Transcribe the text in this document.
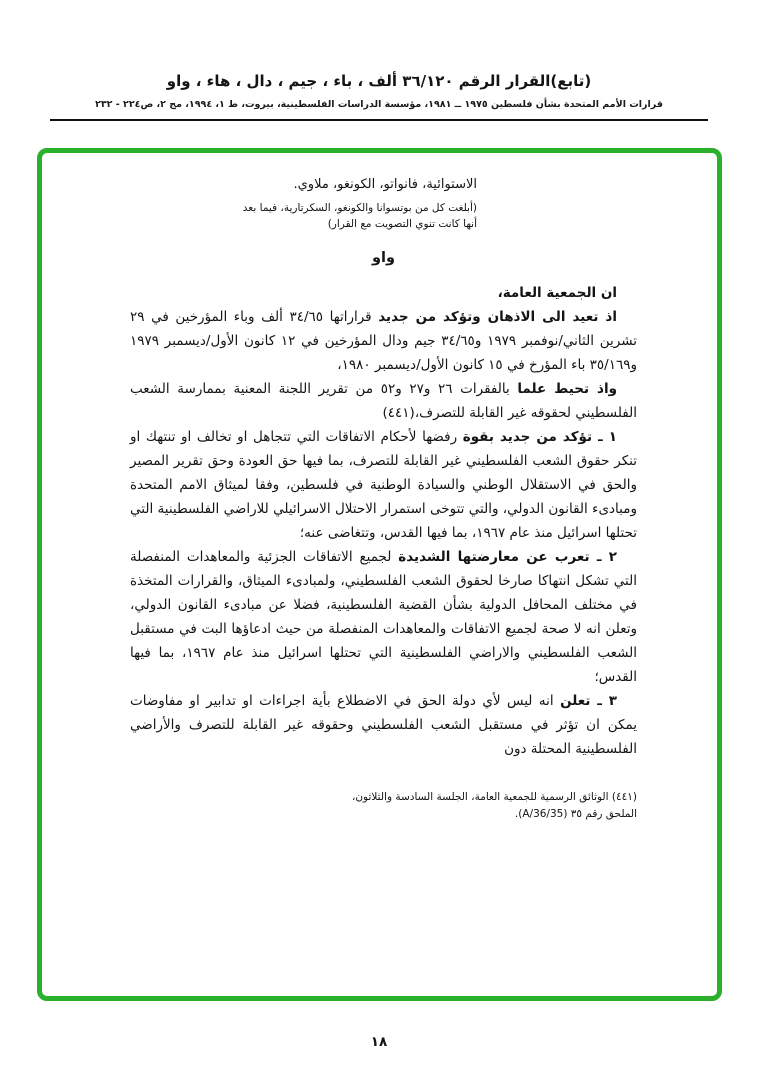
(تابع)القرار الرقم ٣٦/١٢٠ ألف ، باء ، جيم ، دال ، هاء ، واو
قرارات الأمم المتحدة بشأن فلسطين ١٩٧٥ ــ ١٩٨١، مؤسسة الدراسات الفلسطينية، بيروت، ط ١، ١٩٩٤، مج ٢، ص٢٢٤ - ٢٣٢
الاستوائية، فانواتو، الكونغو، ملاوي.
(أبلغت كل من بوتسوانا والكونغو، السكرتارية، فيما بعد
أنها كانت تنوي التصويت مع القرار)
واو

ان الجمعية العامة،

اذ تعيد الى الاذهان وتؤكد من جديد قراراتها ٣٤/٦٥ ألف وباء المؤرخين في ٢٩ تشرين الثاني/نوفمبر ١٩٧٩ و٣٤/٦٥ جيم ودال المؤرخين في ١٢ كانون الأول/ديسمبر ١٩٧٩ و٣٥/١٦٩ باء المؤرخ في ١٥ كانون الأول/ديسمبر ١٩٨٠،

واذ تحيط علما بالفقرات ٢٦ و٢٧ و٥٢ من تقرير اللجنة المعنية بممارسة الشعب الفلسطيني لحقوقه غير القابلة للتصرف،(٤٤١)

١ ـ تؤكد من جديد بقوة رفضها لأحكام الاتفاقات التي تتجاهل او تخالف او تنتهك او تنكر حقوق الشعب الفلسطيني غير القابلة للتصرف، بما فيها حق العودة وحق تقرير المصير والحق في الاستقلال الوطني والسيادة الوطنية في فلسطين، وفقا لميثاق الامم المتحدة ومبادىء القانون الدولي، والتي تتوخى استمرار الاحتلال الاسرائيلي للاراضي الفلسطينية التي تحتلها اسرائيل منذ عام ١٩٦٧، بما فيها القدس، وتتغاضى عنه؛

٢ ـ تعرب عن معارضتها الشديدة لجميع الاتفاقات الجزئية والمعاهدات المنفصلة التي تشكل انتهاكا صارخا لحقوق الشعب الفلسطيني، ولمبادىء الميثاق، والقرارات المتخذة في مختلف المحافل الدولية بشأن القضية الفلسطينية، فضلا عن مبادىء القانون الدولي، وتعلن انه لا صحة لجميع الاتفاقات والمعاهدات المنفصلة من حيث ادعاؤها البت في مستقبل الشعب الفلسطيني والاراضي الفلسطينية التي تحتلها اسرائيل منذ عام ١٩٦٧، بما فيها القدس؛

٣ ـ تعلن انه ليس لأي دولة الحق في الاضطلاع بأية اجراءات او تدابير او مفاوضات يمكن ان تؤثر في مستقبل الشعب الفلسطيني وحقوقه غير القابلة للتصرف والأراضي الفلسطينية المحتلة دون

(٤٤١) الوثائق الرسمية للجمعية العامة، الجلسة السادسة والثلاثون، الملحق رقم ٣٥ (A/36/35).
١٨
